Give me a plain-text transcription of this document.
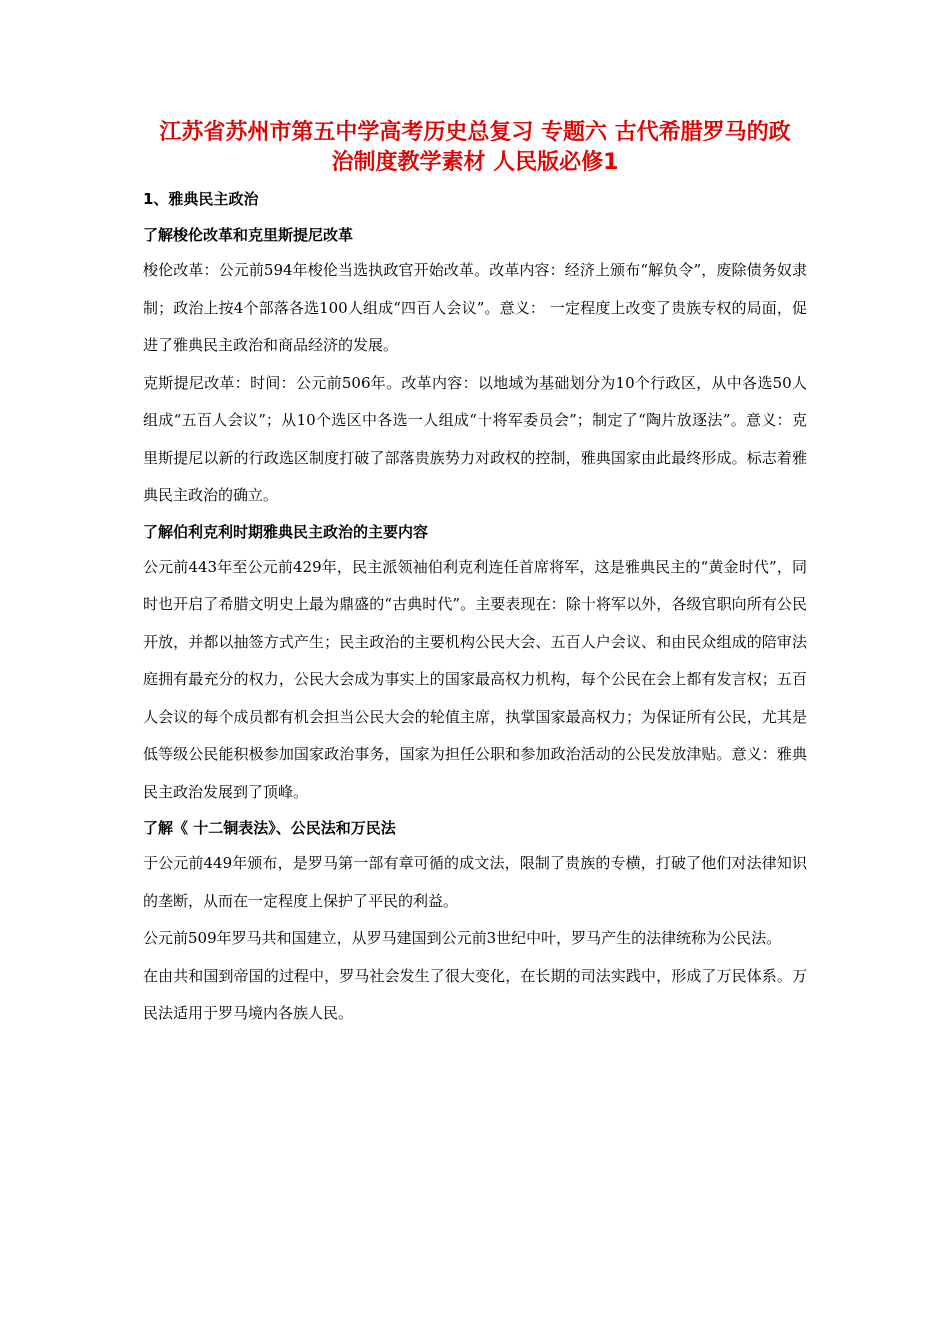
江苏省苏州市第五中学高考历史总复习 专题六 古代希腊罗马的政
治制度教学素材 人民版必修1
1、雅典民主政治
了解梭伦改革和克里斯提尼改革

梭伦改革：公元前594年梭伦当选执政官开始改革。改革内容：经济上颁布“解负令”，废除债务奴隶制；政治上按4个部落各选100人组成“四百人会议”。意义： 一定程度上改变了贵族专权的局面，促进了雅典民主政治和商品经济的发展。

克斯提尼改革：时间：公元前506年。改革内容：以地域为基础划分为10个行政区，从中各选50人组成“五百人会议”；从10个选区中各选一人组成“十将军委员会”；制定了“陶片放逐法”。意义：克里斯提尼以新的行政选区制度打破了部落贵族势力对政权的控制，雅典国家由此最终形成。标志着雅典民主政治的确立。

了解伯利克利时期雅典民主政治的主要内容

公元前443年至公元前429年，民主派领袖伯利克利连任首席将军，这是雅典民主的“黄金时代”，同时也开启了希腊文明史上最为鼎盛的“古典时代”。主要表现在：除十将军以外，各级官职向所有公民开放，并都以抽签方式产生；民主政治的主要机构公民大会、五百人户会议、和由民众组成的陪审法庭拥有最充分的权力，公民大会成为事实上的国家最高权力机构，每个公民在会上都有发言权；五百人会议的每个成员都有机会担当公民大会的轮值主席，执掌国家最高权力；为保证所有公民，尤其是低等级公民能积极参加国家政治事务，国家为担任公职和参加政治活动的公民发放津贴。意义：雅典民主政治发展到了顶峰。

了解《 十二铜表法》、公民法和万民法

于公元前449年颁布，是罗马第一部有章可循的成文法，限制了贵族的专横，打破了他们对法律知识的垄断，从而在一定程度上保护了平民的利益。

公元前509年罗马共和国建立，从罗马建国到公元前3世纪中叶，罗马产生的法律统称为公民法。

在由共和国到帝国的过程中，罗马社会发生了很大变化，在长期的司法实践中，形成了万民体系。万民法适用于罗马境内各族人民。
